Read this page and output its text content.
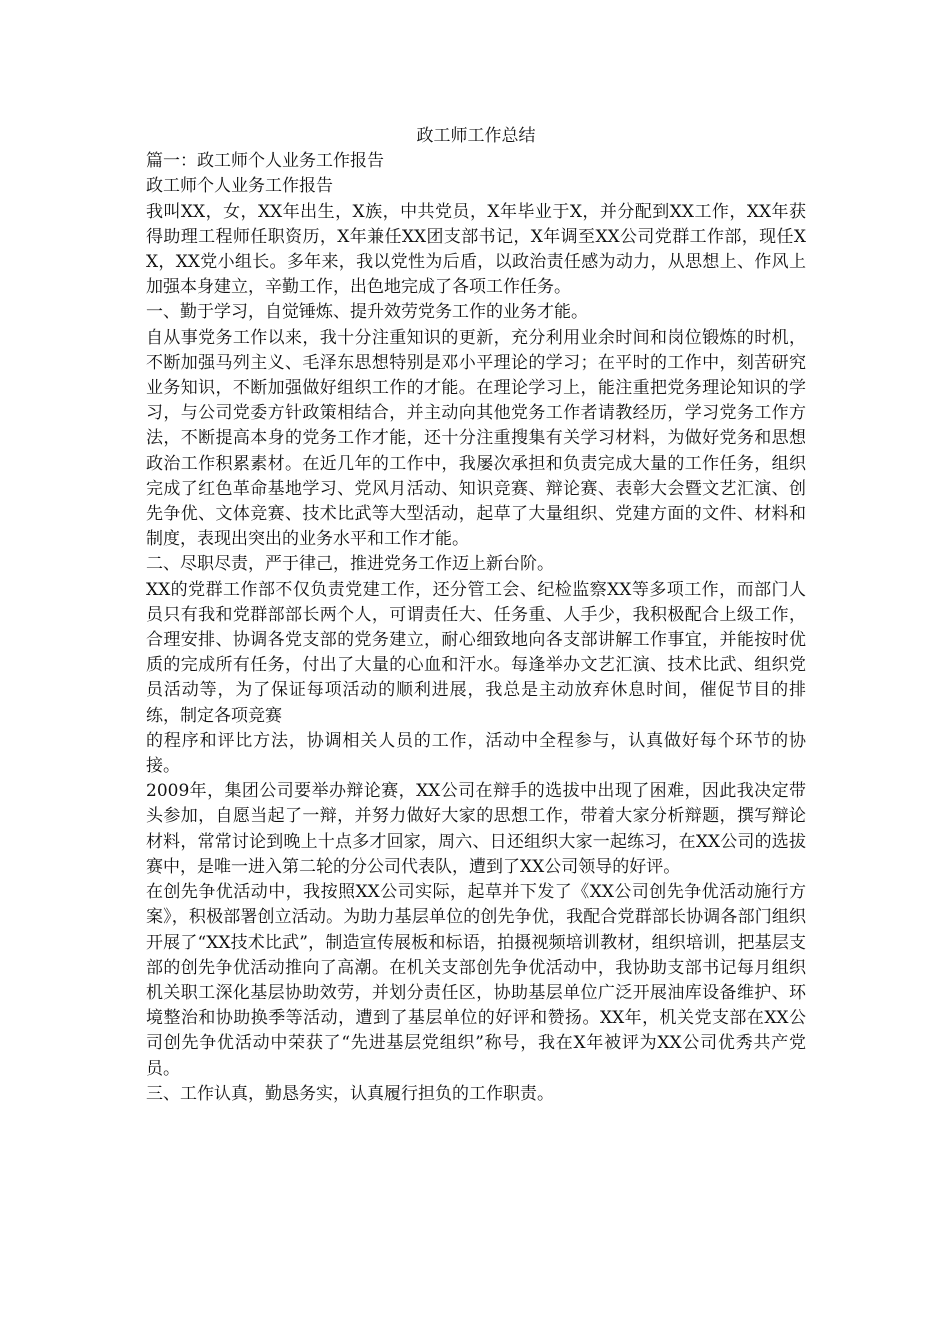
政工师工作总结
篇一：政工师个人业务工作报告
政工师个人业务工作报告
我叫XX，女，XX年出生，X族，中共党员，X年毕业于X，并分配到XX工作，XX年获得助理工程师任职资历，X年兼任XX团支部书记，X年调至XX公司党群工作部，现任XX，XX党小组长。多年来，我以党性为后盾，以政治责任感为动力，从思想上、作风上加强本身建立，辛勤工作，出色地完成了各项工作任务。
一、勤于学习，自觉锤炼、提升效劳党务工作的业务才能。
自从事党务工作以来，我十分注重知识的更新，充分利用业余时间和岗位锻炼的时机，不断加强马列主义、毛泽东思想特别是邓小平理论的学习；在平时的工作中，刻苦研究业务知识，不断加强做好组织工作的才能。在理论学习上，能注重把党务理论知识的学习，与公司党委方针政策相结合，并主动向其他党务工作者请教经历，学习党务工作方法，不断提高本身的党务工作才能，还十分注重搜集有关学习材料，为做好党务和思想政治工作积累素材。在近几年的工作中，我屡次承担和负责完成大量的工作任务，组织完成了红色革命基地学习、党风月活动、知识竞赛、辩论赛、表彰大会暨文艺汇演、创先争优、文体竞赛、技术比武等大型活动，起草了大量组织、党建方面的文件、材料和制度，表现出突出的业务水平和工作才能。
二、尽职尽责，严于律己，推进党务工作迈上新台阶。
XX的党群工作部不仅负责党建工作，还分管工会、纪检监察XX等多项工作，而部门人员只有我和党群部部长两个人，可谓责任大、任务重、人手少，我积极配合上级工作，合理安排、协调各党支部的党务建立，耐心细致地向各支部讲解工作事宜，并能按时优质的完成所有任务，付出了大量的心血和汗水。每逢举办文艺汇演、技术比武、组织党员活动等，为了保证每项活动的顺利进展，我总是主动放弃休息时间，催促节目的排练，制定各项竞赛
的程序和评比方法，协调相关人员的工作，活动中全程参与，认真做好每个环节的协接。
2009年，集团公司要举办辩论赛，XX公司在辩手的选拔中出现了困难，因此我决定带头参加，自愿当起了一辩，并努力做好大家的思想工作，带着大家分析辩题，撰写辩论材料，常常讨论到晚上十点多才回家，周六、日还组织大家一起练习，在XX公司的选拔赛中，是唯一进入第二轮的分公司代表队，遭到了XX公司领导的好评。
在创先争优活动中，我按照XX公司实际，起草并下发了《XX公司创先争优活动施行方案》，积极部署创立活动。为助力基层单位的创先争优，我配合党群部长协调各部门组织开展了“XX技术比武”，制造宣传展板和标语，拍摄视频培训教材，组织培训，把基层支部的创先争优活动推向了高潮。在机关支部创先争优活动中，我协助支部书记每月组织机关职工深化基层协助效劳，并划分责任区，协助基层单位广泛开展油库设备维护、环境整治和协助换季等活动，遭到了基层单位的好评和赞扬。XX年，机关党支部在XX公司创先争优活动中荣获了“先进基层党组织”称号，我在X年被评为XX公司优秀共产党员。
三、工作认真，勤恳务实，认真履行担负的工作职责。
